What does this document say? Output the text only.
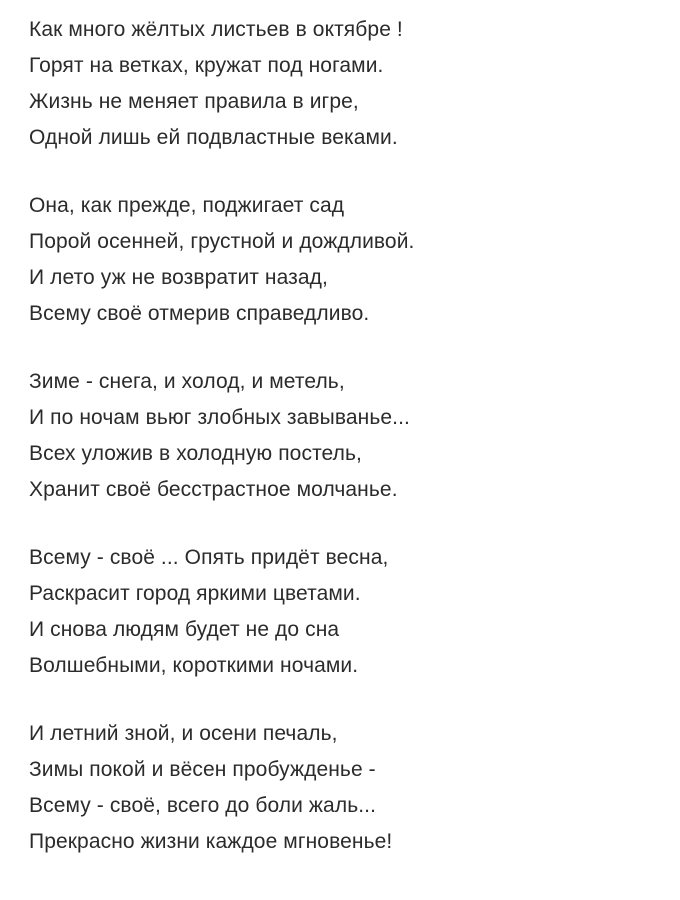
Как много жёлтых листьев в октябре !
Горят на ветках, кружат под ногами.
Жизнь не меняет правила в игре,
Одной лишь ей подвластные веками.
Она, как прежде, поджигает сад
Порой осенней, грустной и дождливой.
И лето уж не возвратит назад,
Всему своё отмерив справедливо.
Зиме - снега, и холод, и метель,
И по ночам вьюг злобных завыванье...
Всех уложив в холодную постель,
Хранит своё бесстрастное молчанье.
Всему - своё ... Опять придёт весна,
Раскрасит город яркими цветами.
И снова людям будет не до сна
Волшебными, короткими ночами.
И летний зной, и осени печаль,
Зимы покой и вёсен пробужденье -
Всему - своё, всего до боли жаль...
Прекрасно жизни каждое мгновенье!
